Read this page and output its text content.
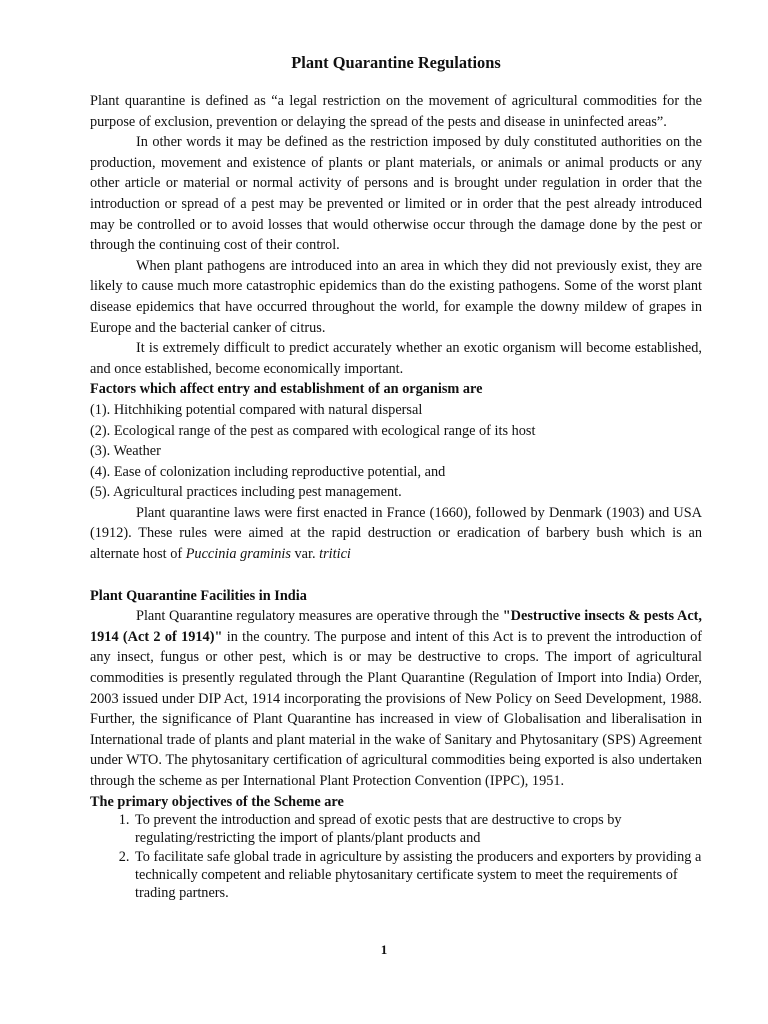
Plant Quarantine Regulations

Plant quarantine is defined as “a legal restriction on the movement of agricultural commodities for the purpose of exclusion, prevention or delaying the spread of the pests and disease in uninfected areas”.

In other words it may be defined as the restriction imposed by duly constituted authorities on the production, movement and existence of plants or plant materials, or animals or animal products or any other article or material or normal activity of persons and is brought under regulation in order that the introduction or spread of a pest may be prevented or limited or in order that the pest already introduced may be controlled or to avoid losses that would otherwise occur through the damage done by the pest or through the continuing cost of their control.

When plant pathogens are introduced into an area in which they did not previously exist, they are likely to cause much more catastrophic epidemics than do the existing pathogens. Some of the worst plant disease epidemics that have occurred throughout the world, for example the downy mildew of grapes in Europe and the bacterial canker of citrus.

It is extremely difficult to predict accurately whether an exotic organism will become established, and once established, become economically important.

Factors which affect entry and establishment of an organism are
(1). Hitchhiking potential compared with natural dispersal
(2). Ecological range of the pest as compared with ecological range of its host
(3). Weather
(4). Ease of colonization including reproductive potential, and
(5). Agricultural practices including pest management.

Plant quarantine laws were first enacted in France (1660), followed by Denmark (1903) and USA (1912). These rules were aimed at the rapid destruction or eradication of barbery bush which is an alternate host of Puccinia graminis var. tritici

Plant Quarantine Facilities in India

Plant Quarantine regulatory measures are operative through the "Destructive insects & pests Act, 1914 (Act 2 of 1914)" in the country. The purpose and intent of this Act is to prevent the introduction of any insect, fungus or other pest, which is or may be destructive to crops. The import of agricultural commodities is presently regulated through the Plant Quarantine (Regulation of Import into India) Order, 2003 issued under DIP Act, 1914 incorporating the provisions of New Policy on Seed Development, 1988. Further, the significance of Plant Quarantine has increased in view of Globalisation and liberalisation in International trade of plants and plant material in the wake of Sanitary and Phytosanitary (SPS) Agreement under WTO. The phytosanitary certification of agricultural commodities being exported is also undertaken through the scheme as per International Plant Protection Convention (IPPC), 1951.

The primary objectives of the Scheme are
1. To prevent the introduction and spread of exotic pests that are destructive to crops by regulating/restricting the import of plants/plant products and
2. To facilitate safe global trade in agriculture by assisting the producers and exporters by providing a technically competent and reliable phytosanitary certificate system to meet the requirements of trading partners.
1
